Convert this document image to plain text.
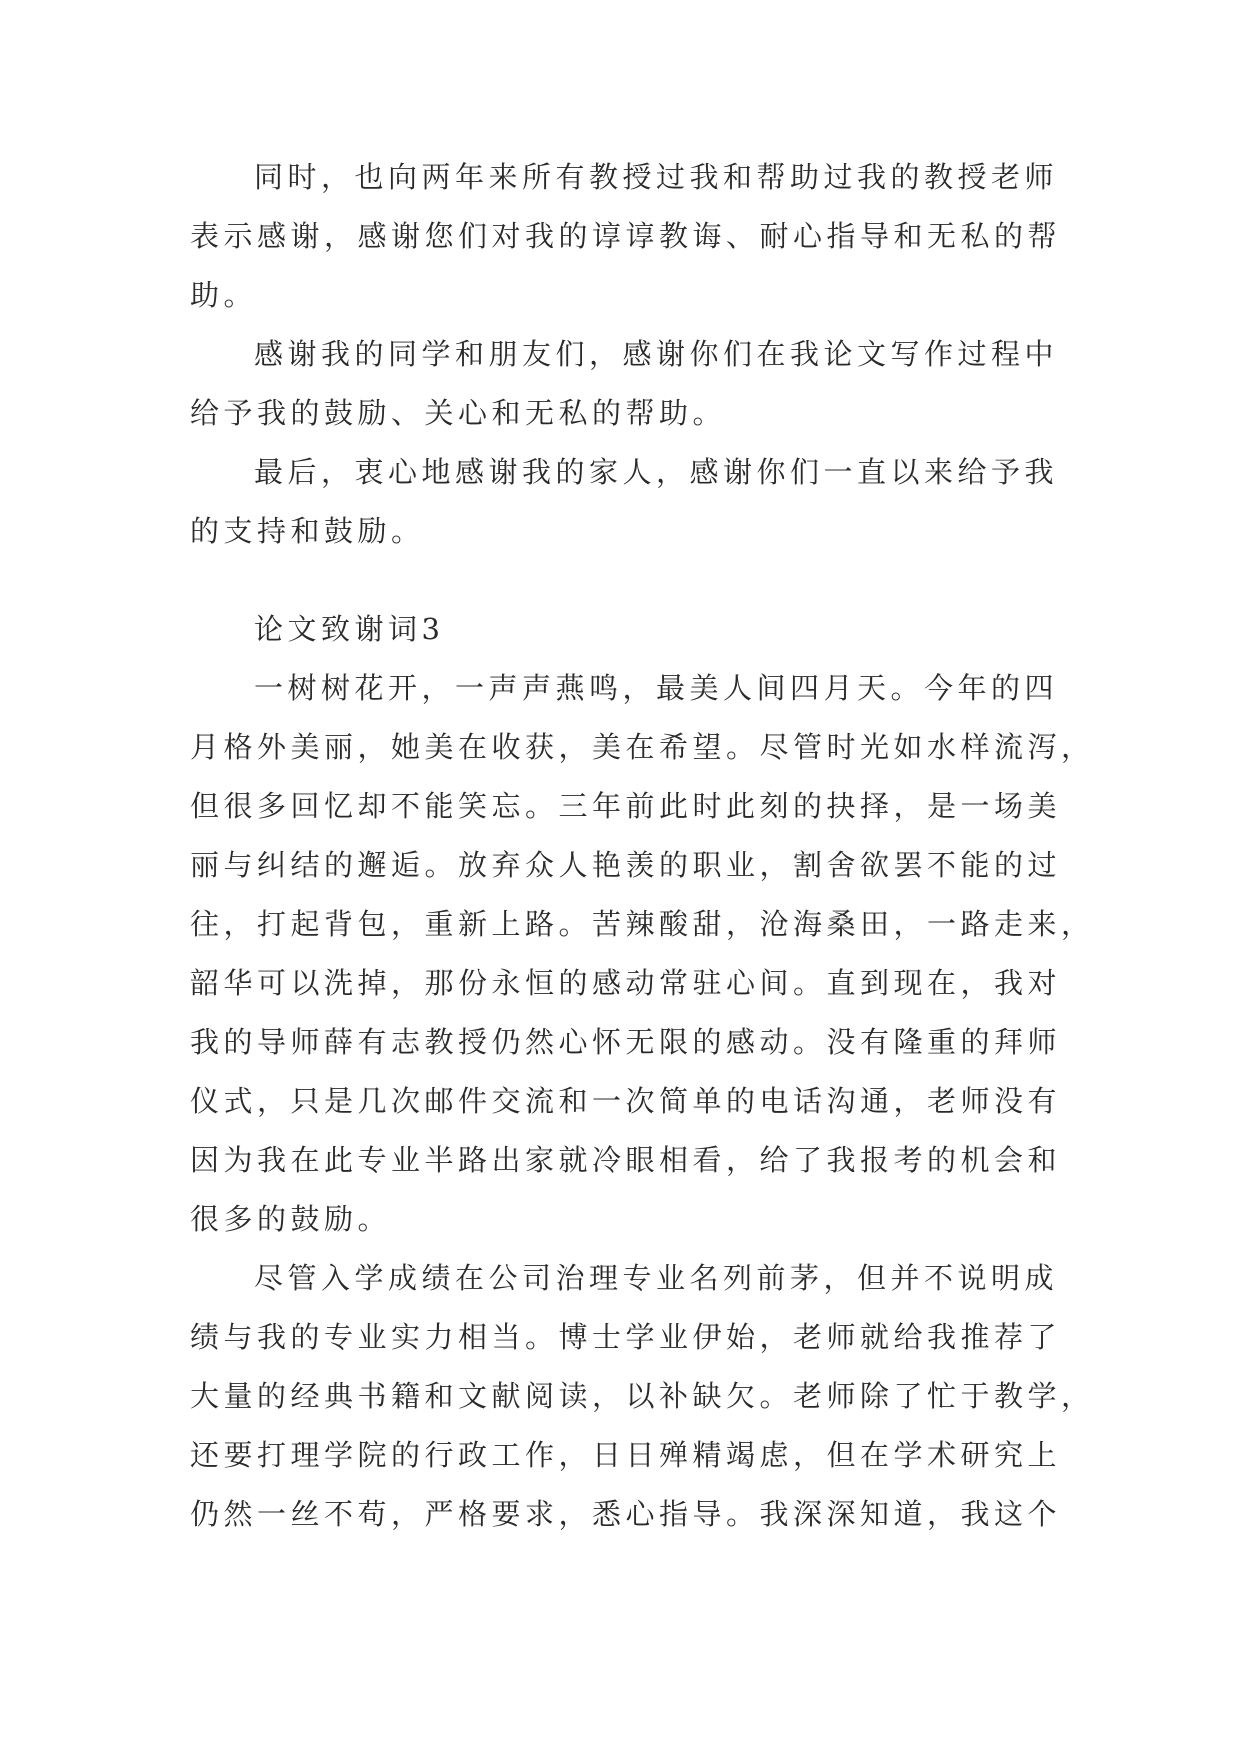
同时，也向两年来所有教授过我和帮助过我的教授老师
表示感谢，感谢您们对我的谆谆教诲、耐心指导和无私的帮
助。

感谢我的同学和朋友们，感谢你们在我论文写作过程中
给予我的鼓励、关心和无私的帮助。

最后，衷心地感谢我的家人，感谢你们一直以来给予我
的支持和鼓励。

论文致谢词3

一树树花开，一声声燕鸣，最美人间四月天。今年的四
月格外美丽，她美在收获，美在希望。尽管时光如水样流泻，
但很多回忆却不能笑忘。三年前此时此刻的抉择，是一场美
丽与纠结的邂逅。放弃众人艳羡的职业，割舍欲罢不能的过
往，打起背包，重新上路。苦辣酸甜，沧海桑田，一路走来，
韶华可以洗掉，那份永恒的感动常驻心间。直到现在，我对
我的导师薛有志教授仍然心怀无限的感动。没有隆重的拜师
仪式，只是几次邮件交流和一次简单的电话沟通，老师没有
因为我在此专业半路出家就冷眼相看，给了我报考的机会和
很多的鼓励。

尽管入学成绩在公司治理专业名列前茅，但并不说明成
绩与我的专业实力相当。博士学业伊始，老师就给我推荐了
大量的经典书籍和文献阅读，以补缺欠。老师除了忙于教学，
还要打理学院的行政工作，日日殚精竭虑，但在学术研究上
仍然一丝不苟，严格要求，悉心指导。我深深知道，我这个
